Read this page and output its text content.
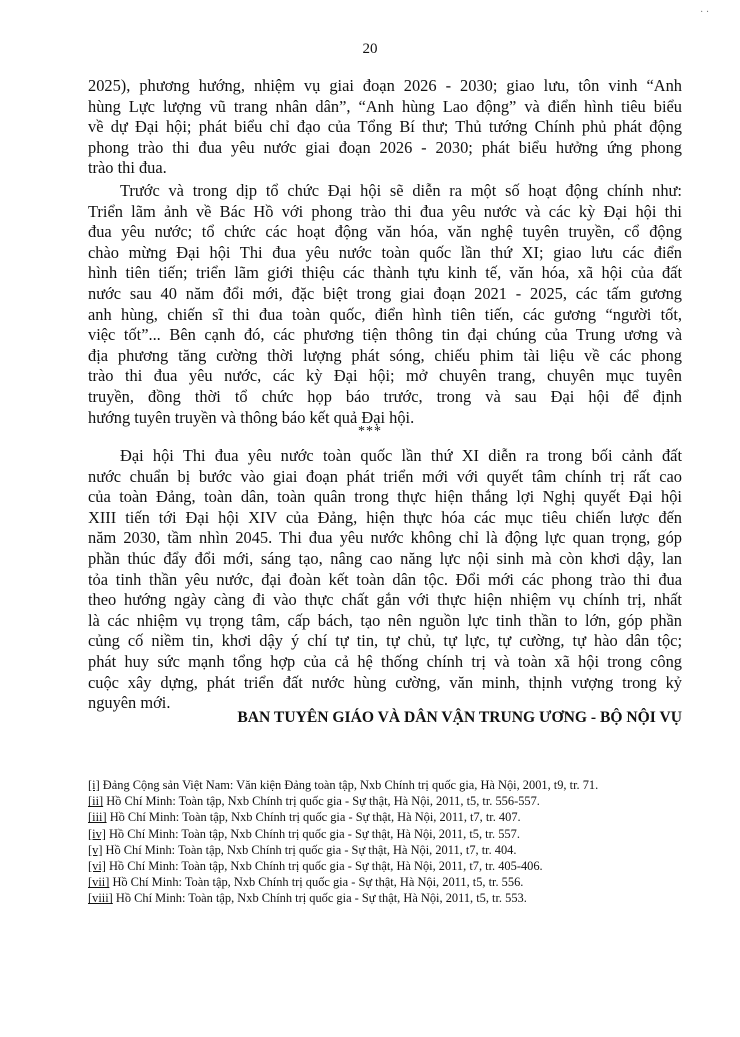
· ·
20
2025), phương hướng, nhiệm vụ giai đoạn 2026 - 2030; giao lưu, tôn vinh “Anh
hùng Lực lượng vũ trang nhân dân”, “Anh hùng Lao động” và điển hình tiêu biểu
về dự Đại hội; phát biểu chỉ đạo của Tổng Bí thư; Thủ tướng Chính phủ phát động
phong trào thi đua yêu nước giai đoạn 2026 - 2030; phát biểu hưởng ứng phong
trào thi đua.
Trước và trong dịp tổ chức Đại hội sẽ diễn ra một số hoạt động chính như:
Triển lãm ảnh về Bác Hồ với phong trào thi đua yêu nước và các kỳ Đại hội thi
đua yêu nước; tổ chức các hoạt động văn hóa, văn nghệ tuyên truyền, cổ động
chào mừng Đại hội Thi đua yêu nước toàn quốc lần thứ XI; giao lưu các điển
hình tiên tiến; triển lãm giới thiệu các thành tựu kinh tế, văn hóa, xã hội của đất
nước sau 40 năm đổi mới, đặc biệt trong giai đoạn 2021 - 2025, các tấm gương
anh hùng, chiến sĩ thi đua toàn quốc, điển hình tiên tiến, các gương “người tốt,
việc tốt”... Bên cạnh đó, các phương tiện thông tin đại chúng của Trung ương và
địa phương tăng cường thời lượng phát sóng, chiếu phim tài liệu về các phong
trào thi đua yêu nước, các kỳ Đại hội; mở chuyên trang, chuyên mục tuyên
truyền, đồng thời tổ chức họp báo trước, trong và sau Đại hội để định
hướng tuyên truyền và thông báo kết quả Đại hội.
***
Đại hội Thi đua yêu nước toàn quốc lần thứ XI diễn ra trong bối cảnh đất
nước chuẩn bị bước vào giai đoạn phát triển mới với quyết tâm chính trị rất cao
của toàn Đảng, toàn dân, toàn quân trong thực hiện thắng lợi Nghị quyết Đại hội
XIII tiến tới Đại hội XIV của Đảng, hiện thực hóa các mục tiêu chiến lược đến
năm 2030, tầm nhìn 2045. Thi đua yêu nước không chỉ là động lực quan trọng, góp
phần thúc đẩy đổi mới, sáng tạo, nâng cao năng lực nội sinh mà còn khơi dậy, lan
tỏa tinh thần yêu nước, đại đoàn kết toàn dân tộc. Đổi mới các phong trào thi đua
theo hướng ngày càng đi vào thực chất gắn với thực hiện nhiệm vụ chính trị, nhất
là các nhiệm vụ trọng tâm, cấp bách, tạo nên nguồn lực tinh thần to lớn, góp phần
củng cố niềm tin, khơi dậy ý chí tự tin, tự chủ, tự lực, tự cường, tự hào dân tộc;
phát huy sức mạnh tổng hợp của cả hệ thống chính trị và toàn xã hội trong công
cuộc xây dựng, phát triển đất nước hùng cường, văn minh, thịnh vượng trong kỷ
nguyên mới.
BAN TUYÊN GIÁO VÀ DÂN VẬN TRUNG ƯƠNG - BỘ NỘI VỤ
[i] Đảng Cộng sản Việt Nam: Văn kiện Đảng toàn tập, Nxb Chính trị quốc gia, Hà Nội, 2001, t9, tr. 71.
[ii] Hồ Chí Minh: Toàn tập, Nxb Chính trị quốc gia - Sự thật, Hà Nội, 2011, t5, tr. 556-557.
[iii] Hồ Chí Minh: Toàn tập, Nxb Chính trị quốc gia - Sự thật, Hà Nội, 2011, t7, tr. 407.
[iv] Hồ Chí Minh: Toàn tập, Nxb Chính trị quốc gia - Sự thật, Hà Nội, 2011, t5, tr. 557.
[v] Hồ Chí Minh: Toàn tập, Nxb Chính trị quốc gia - Sự thật, Hà Nội, 2011, t7, tr. 404.
[vi] Hồ Chí Minh: Toàn tập, Nxb Chính trị quốc gia - Sự thật, Hà Nội, 2011, t7, tr. 405-406.
[vii] Hồ Chí Minh: Toàn tập, Nxb Chính trị quốc gia - Sự thật, Hà Nội, 2011, t5, tr. 556.
[viii] Hồ Chí Minh: Toàn tập, Nxb Chính trị quốc gia - Sự thật, Hà Nội, 2011, t5, tr. 553.
